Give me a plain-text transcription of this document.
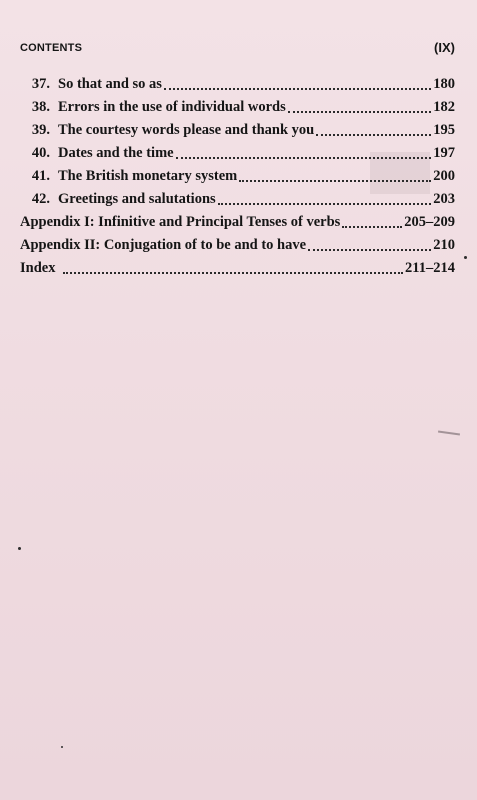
CONTENTS	(IX)
37. So that and so as	180
38. Errors in the use of individual words	182
39. The courtesy words please and thank you	195
40. Dates and the time	197
41. The British monetary system	200
42. Greetings and salutations	203
Appendix I : Infinitive and Principal Tenses of verbs	205–209
Appendix II : Conjugation of to be and to have	210
Index	211–214
